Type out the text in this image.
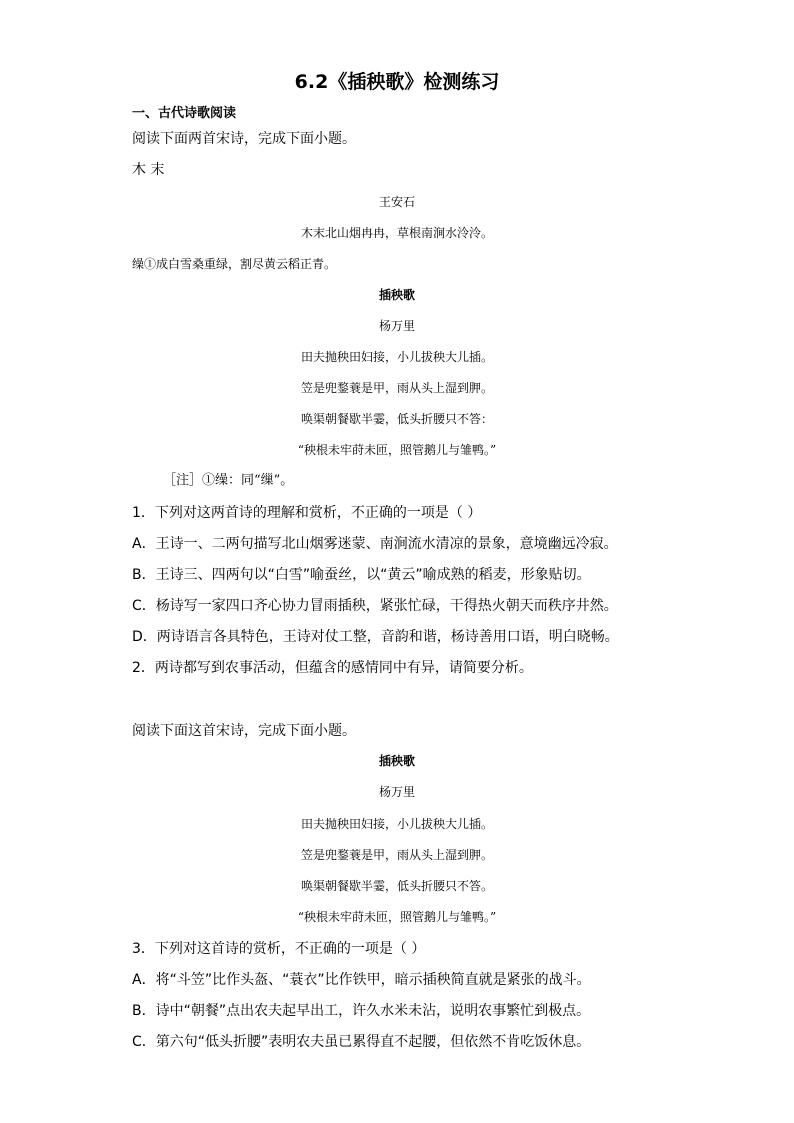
6.2《插秧歌》检测练习
一、古代诗歌阅读
阅读下面两首宋诗，完成下面小题。
木 末
王安石
木末北山烟冉冉，草根南涧水泠泠。
缲①成白雪桑重绿，割尽黄云稻正青。
插秧歌
杨万里
田夫抛秧田妇接，小儿拔秧大儿插。
笠是兜鍪蓑是甲，雨从头上湿到胛。
唤渠朝餐歇半霎，低头折腰只不答：
“秧根未牢莳未匝，照管鹅儿与雏鸭。”
［注］①缲：同“缫”。
1．下列对这两首诗的理解和赏析，不正确的一项是（ ）
A．王诗一、二两句描写北山烟雾迷蒙、南涧流水清凉的景象，意境幽远冷寂。
B．王诗三、四两句以“白雪”喻蚕丝，以“黄云”喻成熟的稻麦，形象贴切。
C．杨诗写一家四口齐心协力冒雨插秧，紧张忙碌，干得热火朝天而秩序井然。
D．两诗语言各具特色，王诗对仗工整，音韵和谐，杨诗善用口语，明白晓畅。
2．两诗都写到农事活动，但蕴含的感情同中有异，请简要分析。
阅读下面这首宋诗，完成下面小题。
插秧歌
杨万里
田夫抛秧田妇接，小儿拔秧大儿插。
笠是兜鍪蓑是甲，雨从头上湿到胛。
唤渠朝餐歇半霎，低头折腰只不答。
“秧根未牢莳未匝，照管鹅儿与雏鸭。”
3．下列对这首诗的赏析，不正确的一项是（ ）
A．将“斗笠”比作头盔、“蓑衣”比作铁甲，暗示插秧简直就是紧张的战斗。
B．诗中“朝餐”点出农夫起早出工，许久水米未沾，说明农事繁忙到极点。
C．第六句“低头折腰”表明农夫虽已累得直不起腰，但依然不肯吃饭休息。
